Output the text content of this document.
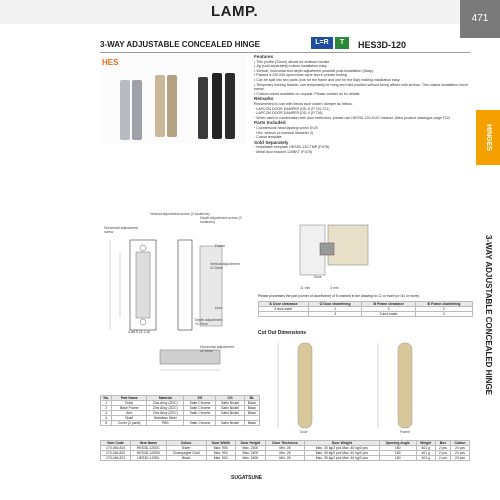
LAMP.	471
HINGES
3-WAY ADJUSTABLE CONCEALED HINGE
3-WAY ADJUSTABLE CONCEALED HINGE	L=R	T	HES3D-120
HES
Features
• Thin profile (31mm) allows for shallow mortise.
• Jig (sold separately) makes installation easy.
• Vertical, horizontal and depth adjustment possible post-installation (3way).
• Passed a 200,000 open/close cycle test in private testing.
• Can be split into two parts (one for the frame and one for the flap) making installation easy.
• Temporary holding feature: can temporarily be hung and held position without being affixed with screws. This makes installation much easier.
• Custom colors available on request. Please contact us for details.
Remarks
Recommend to use with below door closer/ damper as bellow.
· LAPCON DOOR DAMPER (DD-S (P.720-721)
· LAPCON DOOR DAMPER (DD-V (P.716)
· When used in combination with door restrictors, please use HES3D-120-K101 instead. (New product catalogue page F22)
Parts Included
· Countersunk head tapping screw 5×20
· Hex. wrench (a nominal diameter 3)
· Cutout template
Sold Separately
· Installation template HES3D-120-TMP (P.476)
· Metal door bracket 120BKT (P.476)
Vertical adjustment screw (2 locations)
Depth adjustment screw (2 locations)
Horizontal adjustment screw
Frame
Door
Vertical adjustment ±2.0mm
Depth adjustment ±1.0mm
Horizontal adjustment ±2.0mm
4-ø5.5 (4-1-ø)
Door
11 min	3 min
Please processes the part (corner of door/frame) of ℝ marked in the drawing to C1 or more (or ℝ1 or more).
① Door clearance	② Door chamfering	③ Frame clearance	④ Frame chamfering
4 and under	1	3	2
	3	3 and under	3
Cut Out Dimensions
Door	Frame
No.	Part Name	Material	SG	CG	BL
1	Body	Zinc Alloy (ZDC)	Satin Chrome	Satin Nickel	Black
2	Base Frame	Zinc Alloy (ZDC)	Satin Chrome	Satin Nickel	Black
3	Arm	Zinc Alloy (ZDC)	Satin Chrome	Satin Nickel	Black
4	Shaft	Stainless Steel			
5	Cover (2 parts)	PBS	Satin Chrome	Satin Nickel	Black
Item Code	Item Name	Colour	Door Width	Door Height	Door Thickness	Door Weight	Opening Angle	Weight	Box	Carton
170-046-810	HES3D-120DC	Silver	Max. 900	Max. 2400	Min. 28	Max. 30 kg/2 pcs Max. 40 kg/3 pcs	180	401 g	2 pcs	24 pcs
170-046-820	HES3D-120DN	Champagne Gold	Max. 900	Max. 2400	Min. 28	Max. 30 kg/2 pcs Max. 40 kg/3 pcs	180	401 g	2 pcs	24 pcs
170-046-821	HES3D-120BL	Black	Max. 900	Max. 2400	Min. 28	Max. 30 kg/2 pcs Max. 40 kg/3 pcs	180	401 g	2 pcs	24 pcs
SUGATSUNE
